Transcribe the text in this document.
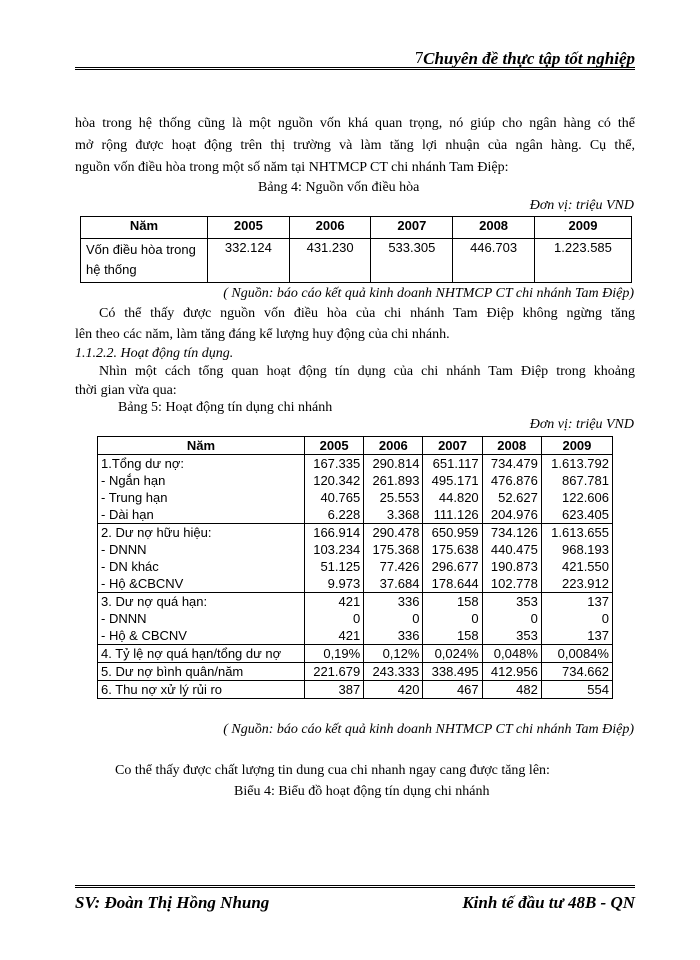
7 Chuyên đề thực tập tốt nghiệp

hòa trong hệ thống cũng là một nguồn vốn khá quan trọng, nó giúp cho ngân hàng có thể

mở rộng được hoạt động trên thị trường và làm tăng lợi nhuận của ngân hàng. Cụ thể,

nguồn vốn điều hòa trong một số năm tại NHTMCP CT chi nhánh Tam Điệp:

Bảng 4: Nguồn vốn điều hòa
Đơn vị: triệu VND
Năm	2005	2006	2007	2008	2009
Vốn điều hòa trong hệ thống	332.124	431.230	533.305	446.703	1.223.585
( Nguồn: báo cáo kết quả kinh doanh NHTMCP CT chi nhánh Tam Điệp)

Có thể thấy được nguồn vốn điều hòa của chi nhánh Tam Điệp không ngừng tăng

lên theo các năm, làm tăng đáng kể lượng huy động của chi nhánh.

1.1.2.2. Hoạt động tín dụng.

Nhìn một cách tổng quan hoạt động tín dụng của chi nhánh Tam Điệp trong khoảng

thời gian vừa qua:

Bảng 5: Hoạt động tín dụng chi nhánh
Đơn vị: triệu VND
Năm	2005	2006	2007	2008	2009
1.Tổng dư nợ:	167.335	290.814	651.117	734.479	1.613.792
- Ngắn hạn	120.342	261.893	495.171	476.876	867.781
- Trung hạn	40.765	25.553	44.820	52.627	122.606
- Dài hạn	6.228	3.368	111.126	204.976	623.405
2. Dư nợ hữu hiệu:	166.914	290.478	650.959	734.126	1.613.655
- DNNN	103.234	175.368	175.638	440.475	968.193
- DN khác	51.125	77.426	296.677	190.873	421.550
- Hộ &CBCNV	9.973	37.684	178.644	102.778	223.912
3. Dư nợ quá hạn:	421	336	158	353	137
- DNNN	0	0	0	0	0
- Hộ & CBCNV	421	336	158	353	137
4. Tỷ lệ nợ quá hạn/tổng dư nợ	0,19%	0,12%	0,024%	0,048%	0,0084%
5. Dư nợ bình quân/năm	221.679	243.333	338.495	412.956	734.662
6. Thu nợ xử lý rủi ro	387	420	467	482	554
( Nguồn: báo cáo kết quả kinh doanh NHTMCP CT chi nhánh Tam Điệp)

Co thể thấy được chất lượng tin dung cua chi nhanh ngay cang được tăng lên:

Biểu 4: Biểu đồ hoạt động tín dụng chi nhánh
SV: Đoàn Thị Hồng Nhung	Kinh tế đầu tư 48B - QN
